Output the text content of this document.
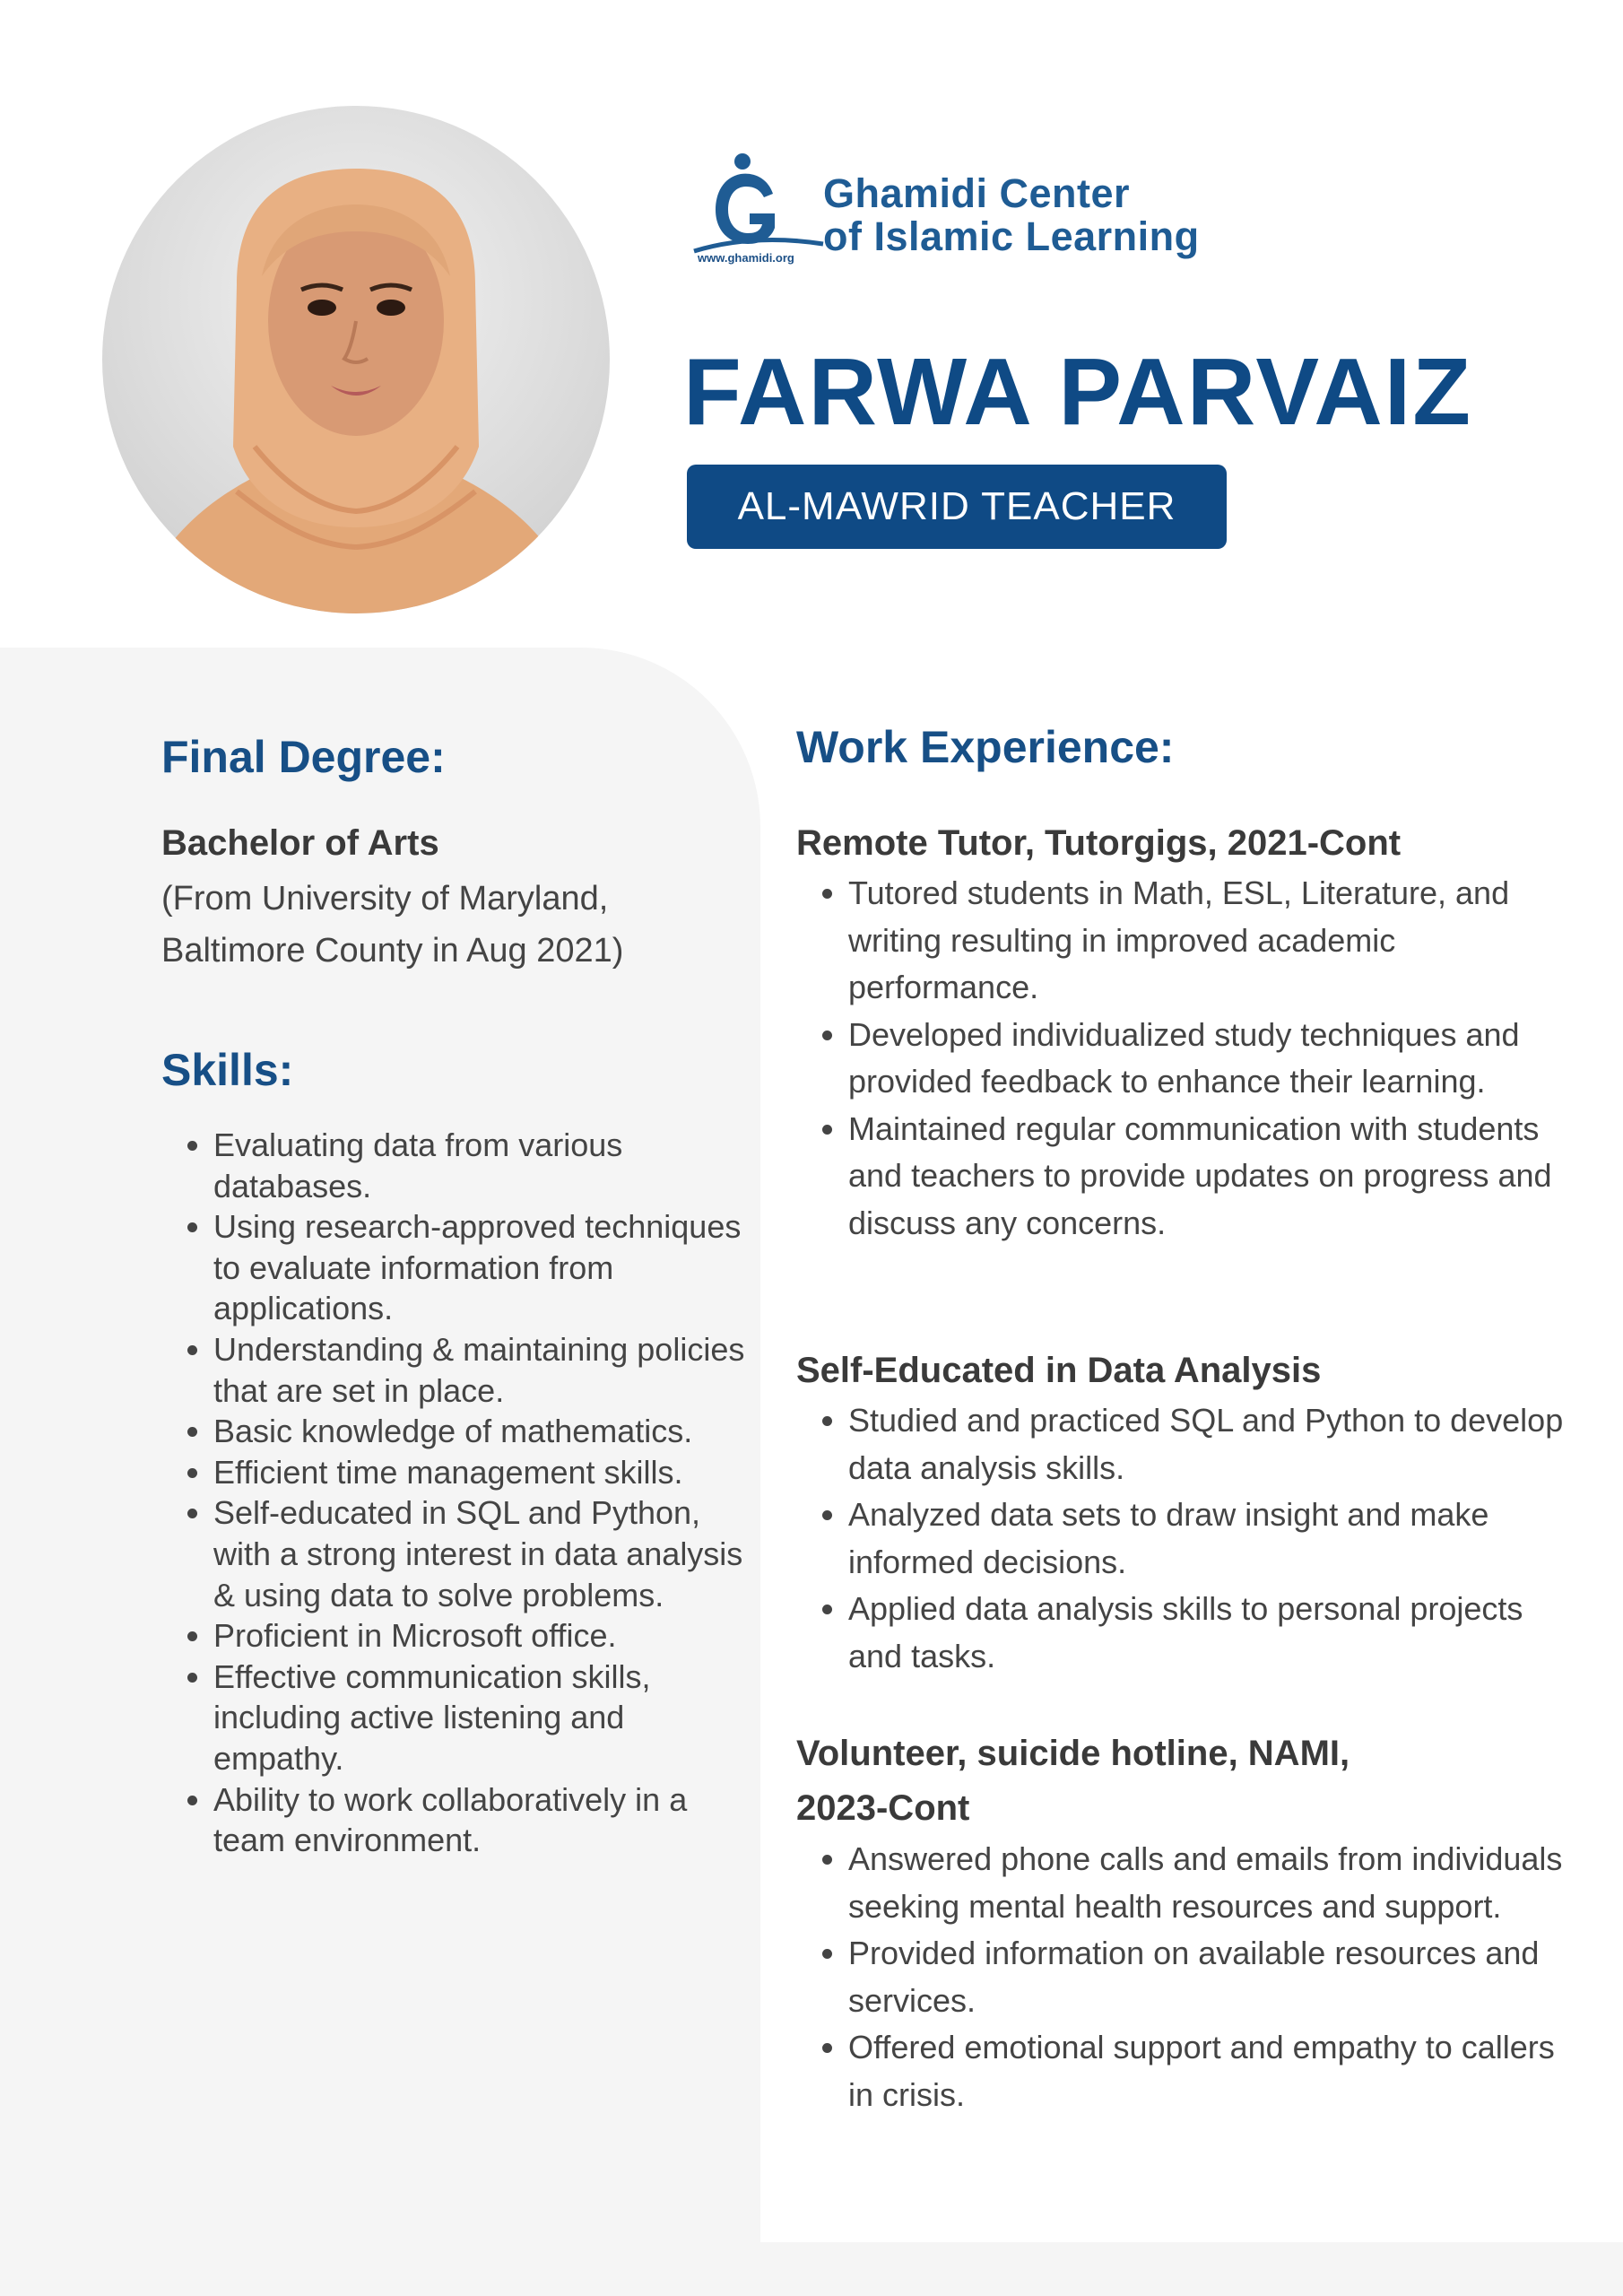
Ghamidi Center
of Islamic Learning
www.ghamidi.org
FARWA PARVAIZ
AL-MAWRID TEACHER
Final Degree:
Bachelor of Arts
(From University of Maryland,
Baltimore County in Aug 2021)
Skills:
• Evaluating data from various databases.
• Using research-approved techniques to evaluate information from applications.
• Understanding & maintaining policies that are set in place.
• Basic knowledge of mathematics.
• Efficient time management skills.
• Self-educated in SQL and Python, with a strong interest in data analysis & using data to solve problems.
• Proficient in Microsoft office.
• Effective communication skills, including active listening and empathy.
• Ability to work collaboratively in a team environment.
Work Experience:
Remote Tutor, Tutorgigs, 2021-Cont
• Tutored students in Math, ESL, Literature, and writing resulting in improved academic performance.
• Developed individualized study techniques and provided feedback to enhance their learning.
• Maintained regular communication with students and teachers to provide updates on progress and discuss any concerns.
Self-Educated in Data Analysis
• Studied and practiced SQL and Python to develop data analysis skills.
• Analyzed data sets to draw insight and make informed decisions.
• Applied data analysis skills to personal projects and tasks.
Volunteer, suicide hotline, NAMI,
2023-Cont
• Answered phone calls and emails from individuals seeking mental health resources and support.
• Provided information on available resources and services.
• Offered emotional support and empathy to callers in crisis.
